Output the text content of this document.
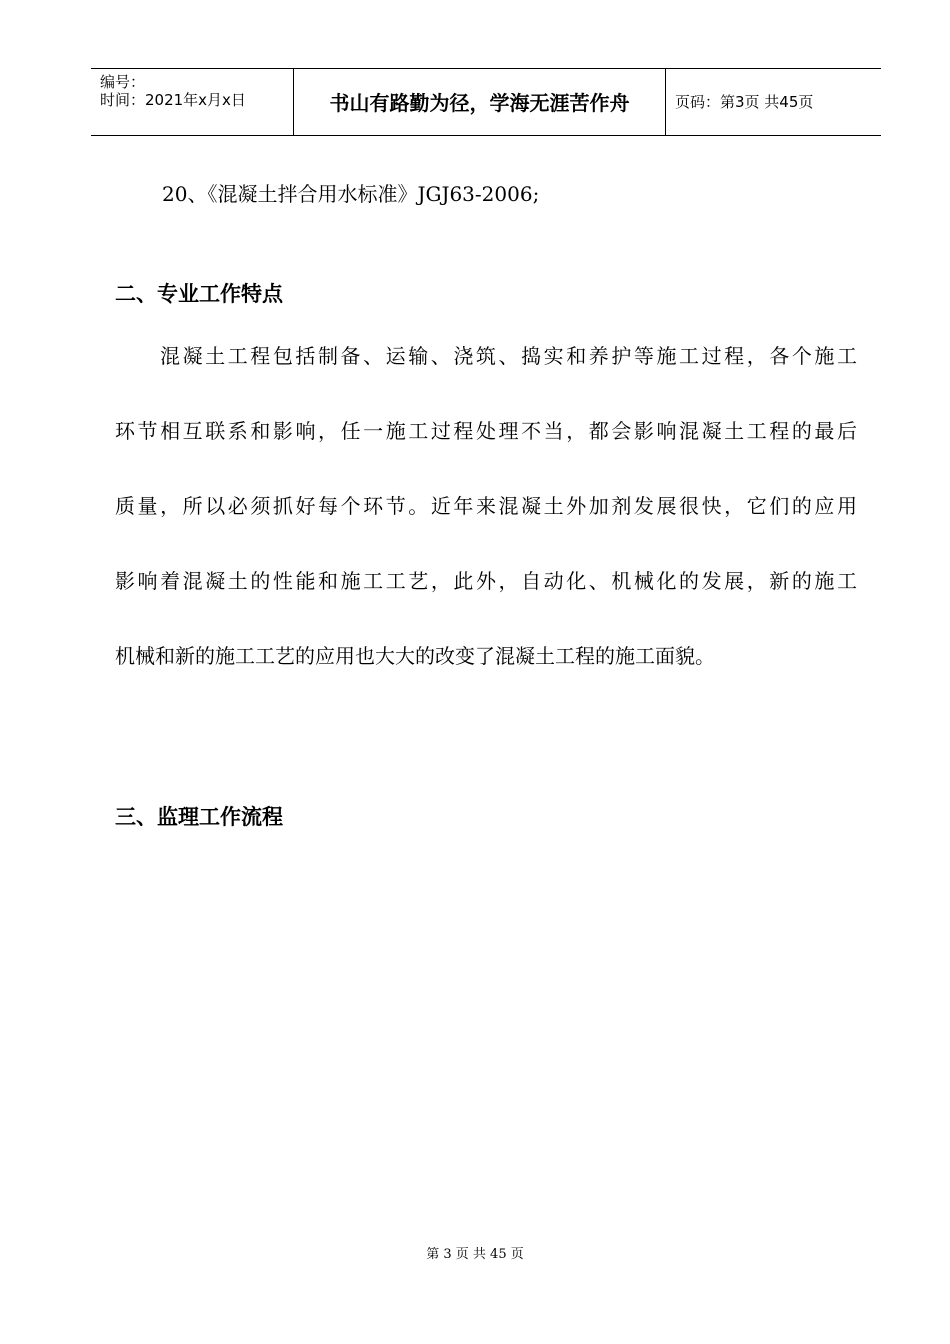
编号：
时间：2021年x月x日	书山有路勤为径，学海无涯苦作舟	页码：第3页 共45页
20、《混凝土拌合用水标准》JGJ63-2006;
二、专业工作特点
混凝土工程包括制备、运输、浇筑、捣实和养护等施工过程，各个施工
环节相互联系和影响，任一施工过程处理不当，都会影响混凝土工程的最后
质量，所以必须抓好每个环节。近年来混凝土外加剂发展很快，它们的应用
影响着混凝土的性能和施工工艺，此外，自动化、机械化的发展，新的施工
机械和新的施工工艺的应用也大大的改变了混凝土工程的施工面貌。
三、监理工作流程
第 3 页 共 45 页
